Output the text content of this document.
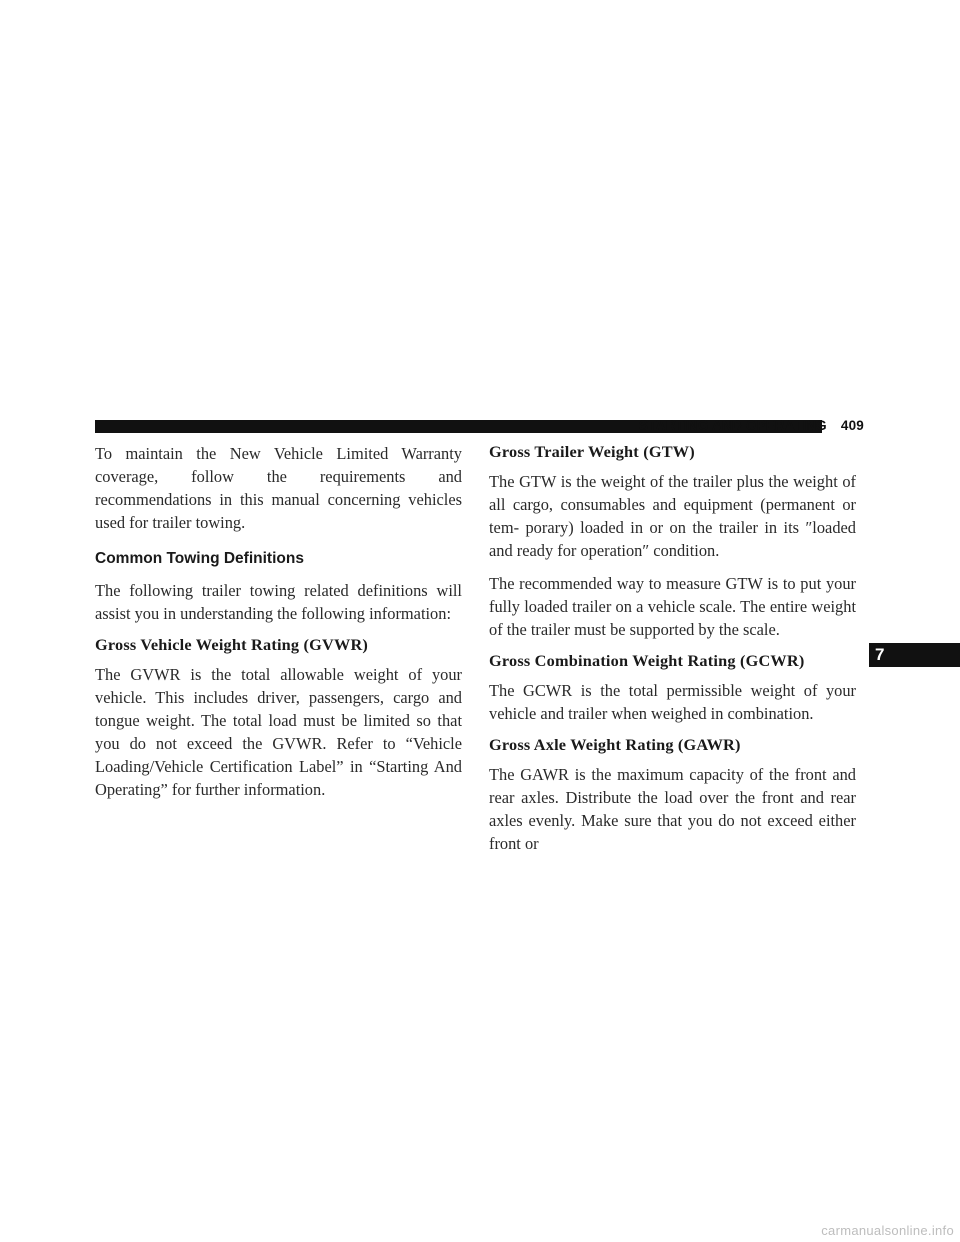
STARTING AND OPERATING 409

To maintain the New Vehicle Limited Warranty coverage, follow the requirements and recommendations in this manual concerning vehicles used for trailer towing.

Common Towing Definitions

The following trailer towing related definitions will assist you in understanding the following information:

Gross Vehicle Weight Rating (GVWR)

The GVWR is the total allowable weight of your vehicle. This includes driver, passengers, cargo and tongue weight. The total load must be limited so that you do not exceed the GVWR. Refer to “Vehicle Loading/Vehicle Certification Label” in “Starting And Operating” for further information.

Gross Trailer Weight (GTW)

The GTW is the weight of the trailer plus the weight of all cargo, consumables and equipment (permanent or tem- porary) loaded in or on the trailer in its ″loaded and ready for operation″ condition.

The recommended way to measure GTW is to put your fully loaded trailer on a vehicle scale. The entire weight of the trailer must be supported by the scale.

Gross Combination Weight Rating (GCWR)

The GCWR is the total permissible weight of your vehicle and trailer when weighed in combination.

Gross Axle Weight Rating (GAWR)

The GAWR is the maximum capacity of the front and rear axles. Distribute the load over the front and rear axles evenly. Make sure that you do not exceed either front or

7
carmanualsonline.info
